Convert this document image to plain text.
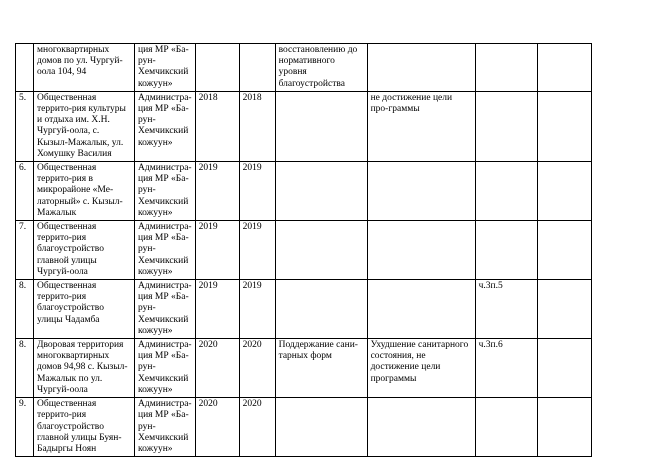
	многоквартирных домов по ул. Чургуй-оола 104, 94	ция МР «Ба-рун-Хемчикский кожуун»			восстановлению до нормативного уровня благоустройства			
5.	Общественная террито-рия культуры и отдыха им. Х.Н. Чургуй-оола, с. Кызыл-Мажалык, ул. Хомушку Василия	Администра-ция МР «Ба-рун-Хемчикский кожуун»	2018	2018		не достижение цели про-граммы		
6.	Общественная террито-рия в микрорайоне «Ме-латорный» с. Кызыл-Мажалык	Администра-ция МР «Ба-рун-Хемчикский кожуун»	2019	2019				
7.	Общественная террито-рия благоустройство главной улицы Чургуй-оола	Администра-ция МР «Ба-рун-Хемчикский кожуун»	2019	2019				
8.	Общественная террито-рия благоустройство улицы Чадамба	Администра-ция МР «Ба-рун-Хемчикский кожуун»	2019	2019			ч.3п.5	
8.	Дворовая территория многоквартирных домов 94,98 с. Кызыл-Мажалык по ул. Чургуй-оола	Администра-ция МР «Ба-рун-Хемчикский кожуун»	2020	2020	Поддержание сани-тарных форм	Ухудшение санитарного состояния, не достижение цели программы	ч.3п.6	
9.	Общественная террито-рия благоустройство главной улицы Буян-Бадыргы Ноян	Администра-ция МР «Ба-рун-Хемчикский кожуун»	2020	2020				
